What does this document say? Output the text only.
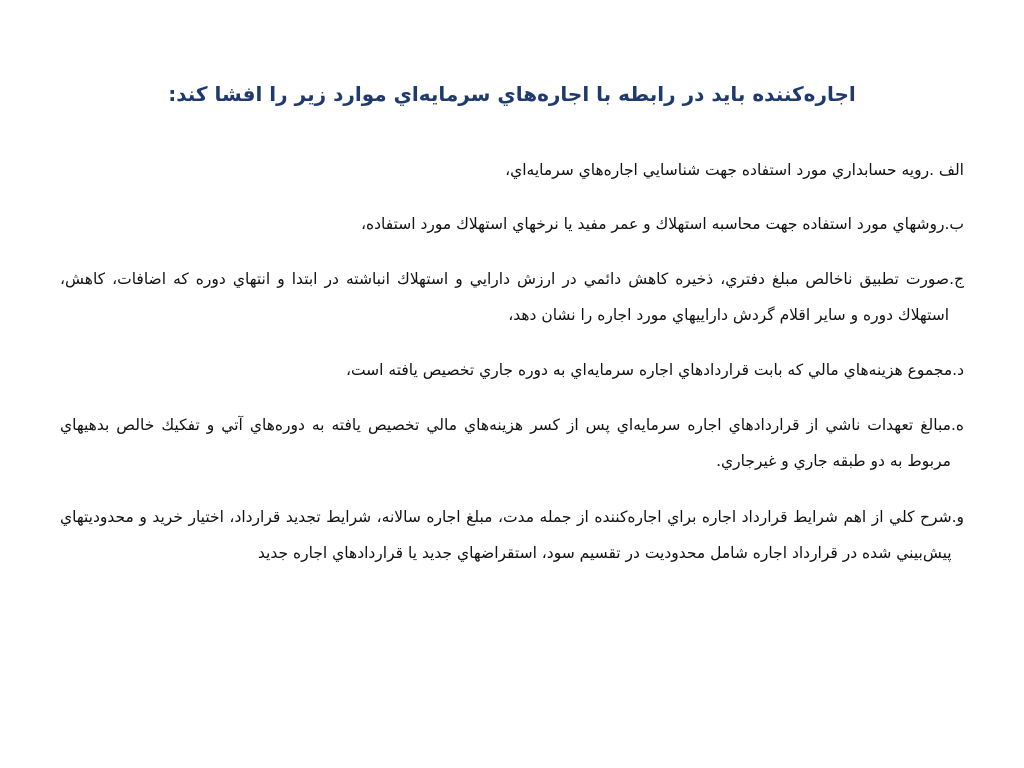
اجاره‌کننده بايد در رابطه با اجاره‌هاي سرمايه‌اي موارد زير را افشا کند:
الف .
رويه حسابداري مورد استفاده جهت شناسايي اجاره‌هاي سرمايه‌اي،
ب.
روشهاي مورد استفاده جهت محاسبه استهلاك و عمر مفيد يا نرخهاي استهلاك مورد استفاده،
ج.
صورت تطبيق ناخالص مبلغ دفتري، ذخيره كاهش دائمي در ارزش دارايي و استهلاك انباشته در ابتدا و انتهاي دوره كه اضافات، كاهش، استهلاك دوره و ساير اقلام گردش داراييهاي مورد اجاره را نشان دهد،
د.
مجموع هزينه‌هاي مالي كه بابت قراردادهاي اجاره سرمايه‌اي به دوره جاري تخصيص يافته است،
ه.
مبالغ تعهدات ناشي از قراردادهاي اجاره سرمايه‌اي پس از كسر هزينه‌هاي مالي تخصيص يافته به دوره‌هاي آتي و تفكيك خالص بدهيهاي مربوط به دو طبقه جاري و غيرجاري.
و.
شرح كلي از اهم شرايط قرارداد اجاره براي اجاره‌كننده از جمله مدت، مبلغ اجاره سالانه، شرايط تجديد قرارداد، اختيار خريد و محدوديتهاي پيش‌بيني شده در قرارداد اجاره شامل محدوديت در تقسيم سود، استقراضهاي جديد يا قراردادهاي اجاره جديد
